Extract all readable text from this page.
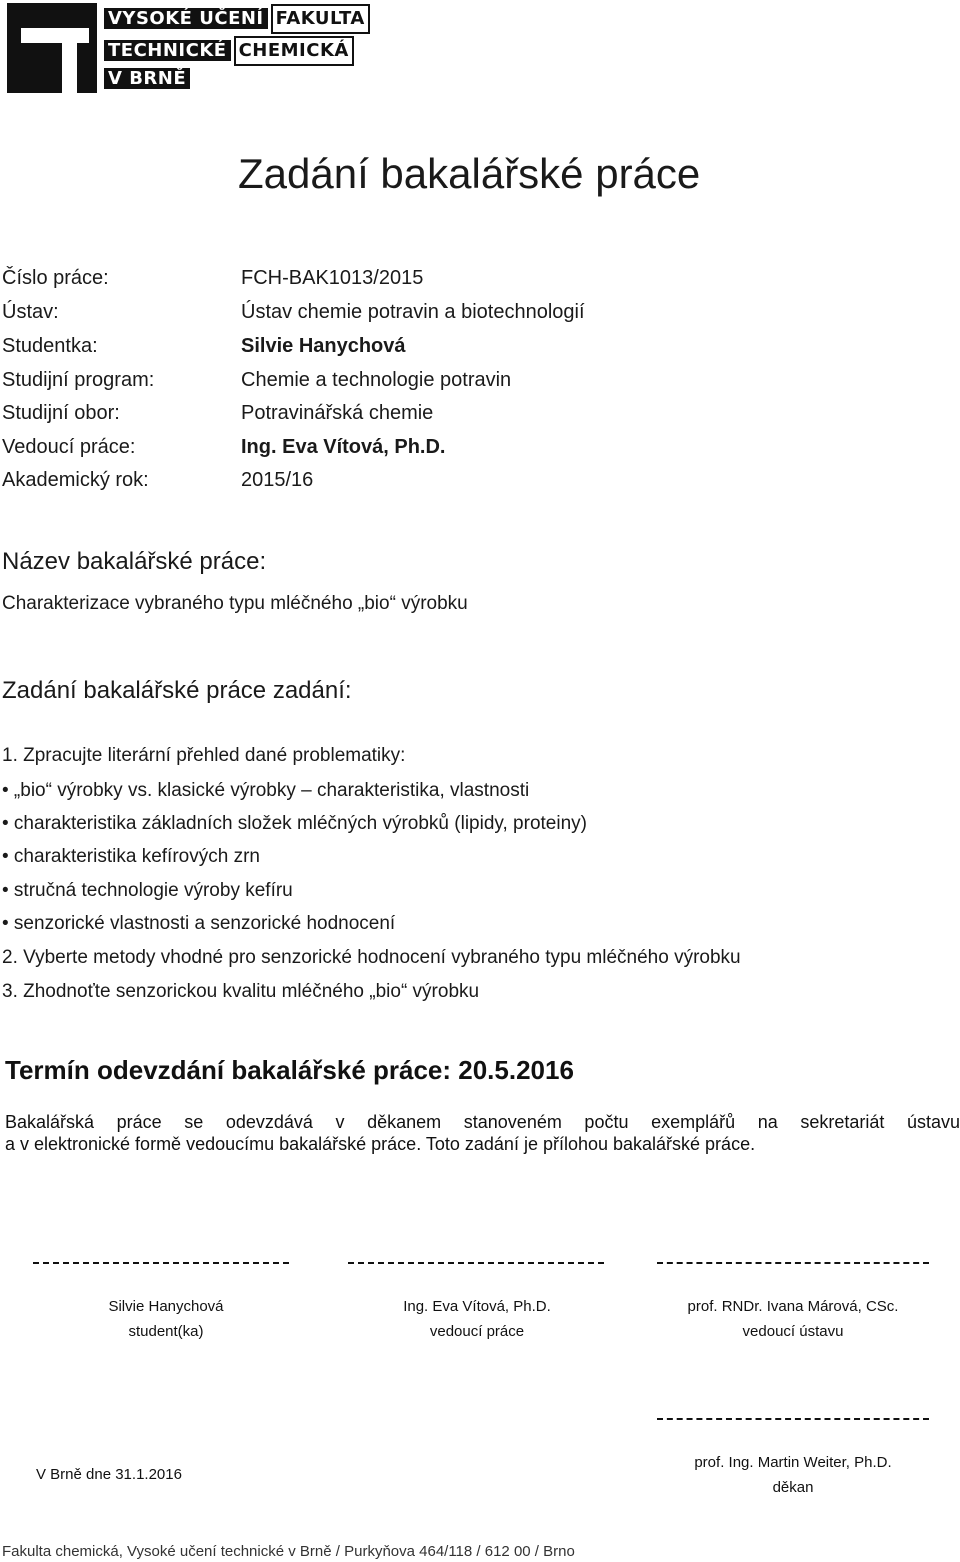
VYSOKÉ UČENÍ FAKULTA
TECHNICKÉ CHEMICKÁ
V BRNĚ
Zadání bakalářské práce
Číslo práce:	FCH-BAK1013/2015
Ústav:	Ústav chemie potravin a biotechnologií
Studentka:	Silvie Hanychová
Studijní program:	Chemie a technologie potravin
Studijní obor:	Potravinářská chemie
Vedoucí práce:	Ing. Eva Vítová, Ph.D.
Akademický rok:	2015/16
Název bakalářské práce:
Charakterizace vybraného typu mléčného „bio“ výrobku
Zadání bakalářské práce zadání:
1. Zpracujte literární přehled dané problematiky:
• „bio“ výrobky vs. klasické výrobky – charakteristika, vlastnosti
• charakteristika základních složek mléčných výrobků (lipidy, proteiny)
• charakteristika kefírových zrn
• stručná technologie výroby kefíru
• senzorické vlastnosti a senzorické hodnocení
2. Vyberte metody vhodné pro senzorické hodnocení vybraného typu mléčného výrobku
3. Zhodnoťte senzorickou kvalitu mléčného „bio“ výrobku
Termín odevzdání bakalářské práce: 20.5.2016
Bakalářská práce se odevzdává v děkanem stanoveném počtu exemplářů na sekretariát ústavu
a v elektronické formě vedoucímu bakalářské práce. Toto zadání je přílohou bakalářské práce.
Silvie Hanychová
student(ka)
Ing. Eva Vítová, Ph.D.
vedoucí práce
prof. RNDr. Ivana Márová, CSc.
vedoucí ústavu
prof. Ing. Martin Weiter, Ph.D.
děkan
V Brně dne 31.1.2016
Fakulta chemická, Vysoké učení technické v Brně / Purkyňova 464/118 / 612 00 / Brno
